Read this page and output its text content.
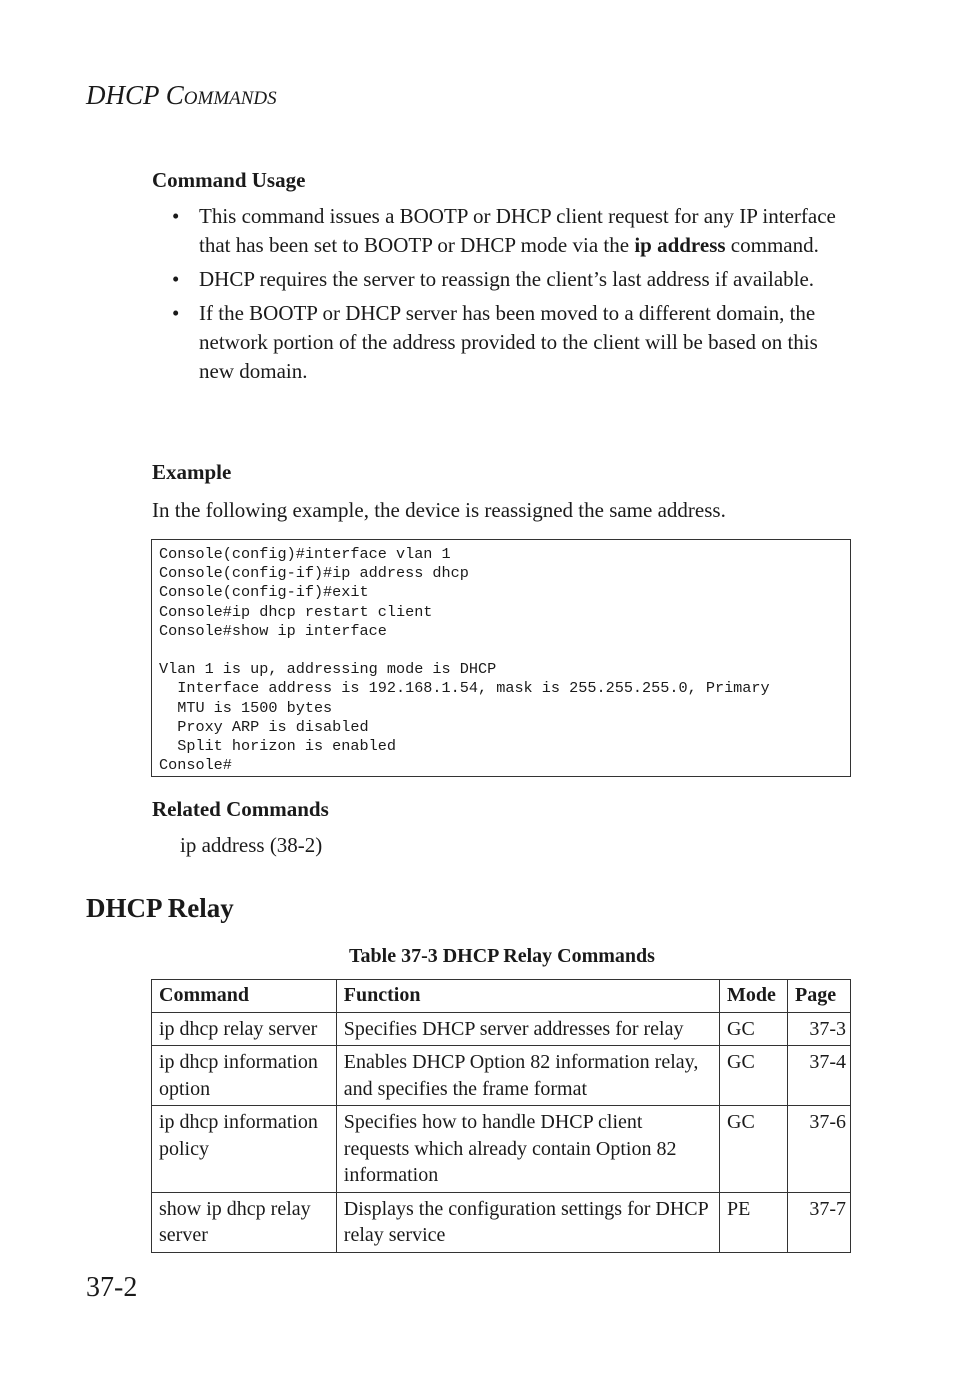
DHCP COMMANDS
Command Usage
• This command issues a BOOTP or DHCP client request for any IP interface that has been set to BOOTP or DHCP mode via the ip address command.
• DHCP requires the server to reassign the client’s last address if available.
• If the BOOTP or DHCP server has been moved to a different domain, the network portion of the address provided to the client will be based on this new domain.
Example
In the following example, the device is reassigned the same address.
Console(config)#interface vlan 1
Console(config-if)#ip address dhcp
Console(config-if)#exit
Console#ip dhcp restart client
Console#show ip interface

Vlan 1 is up, addressing mode is DHCP
Interface address is 192.168.1.54, mask is 255.255.255.0, Primary
MTU is 1500 bytes
Proxy ARP is disabled
Split horizon is enabled
Console#
Related Commands
ip address (38-2)
DHCP Relay
Table 37-3 DHCP Relay Commands
Command	Function	Mode	Page
ip dhcp relay server	Specifies DHCP server addresses for relay	GC	37-3
ip dhcp information option	Enables DHCP Option 82 information relay, and specifies the frame format	GC	37-4
ip dhcp information policy	Specifies how to handle DHCP client requests which already contain Option 82 information	GC	37-6
show ip dhcp relay server	Displays the configuration settings for DHCP relay service	PE	37-7
37-2
